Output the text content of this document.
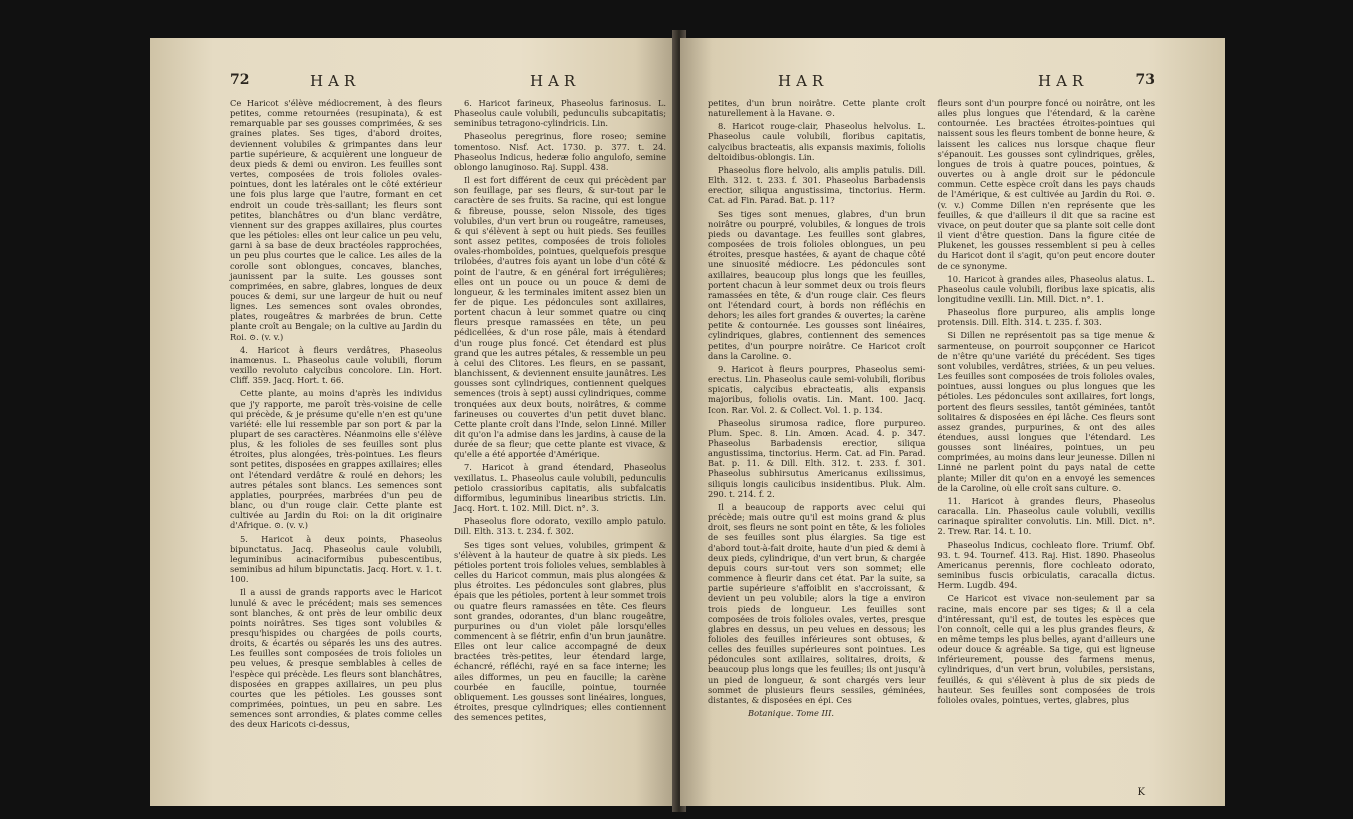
72	HAR	HAR

Ce Haricot s'élève médiocrement, à des fleurs petites, comme retournées (resupinata), & est remarquable par ses gousses comprimées, & ses graines plates. Ses tiges, d'abord droites, deviennent volubiles & grimpantes dans leur partie supérieure, & acquièrent une longueur de deux pieds & demi ou environ. Les feuilles sont vertes, composées de trois folioles ovales-pointues, dont les latérales ont le côté extérieur une fois plus large que l'autre, formant en cet endroit un coude très-saillant; les fleurs sont petites, blanchâtres ou d'un blanc verdâtre, viennent sur des grappes axillaires, plus courtes que les pétioles: elles ont leur calice un peu velu, garni à sa base de deux bractéoles rapprochées, un peu plus courtes que le calice. Les ailes de la corolle sont oblongues, concaves, blanches, jaunissent par la suite. Les gousses sont comprimées, en sabre, glabres, longues de deux pouces & demi, sur une largeur de huit ou neuf lignes. Les semences sont ovales obrondes, plates, rougeâtres & marbrées de brun. Cette plante croît au Bengale; on la cultive au Jardin du Roi. ⊙. (v. v.)

4. Haricot à fleurs verdâtres, Phaseolus inamœnus. L. Phaseolus caule volubili, florum vexillo revoluto calycibus concolore. Lin. Hort. Cliff. 359. Jacq. Hort. t. 66.

Cette plante, au moins d'après les individus que j'y rapporte, me paroît très-voisine de celle qui précède, & je présume qu'elle n'en est qu'une variété: elle lui ressemble par son port & par la plupart de ses caractères. Néanmoins elle s'élève plus, & les folioles de ses feuilles sont plus étroites, plus alongées, très-pointues. Les fleurs sont petites, disposées en grappes axillaires; elles ont l'étendard verdâtre & roulé en dehors; les autres pétales sont blancs. Les semences sont applaties, pourprées, marbrées d'un peu de blanc, ou d'un rouge clair. Cette plante est cultivée au Jardin du Roi: on la dit originaire d'Afrique. ⊙. (v. v.)

5. Haricot à deux points, Phaseolus bipunctatus. Jacq. Phaseolus caule volubili, leguminibus acinaciformibus pubescentibus, seminibus ad hilum bipunctatis. Jacq. Hort. v. 1. t. 100.

Il a aussi de grands rapports avec le Haricot lunulé & avec le précédent; mais ses semences sont blanches, & ont près de leur ombilic deux points noirâtres. Ses tiges sont volubiles & presqu'hispides ou chargées de poils courts, droits, & écartés ou séparés les uns des autres. Les feuilles sont composées de trois folioles un peu velues, & presque semblables à celles de l'espèce qui précède. Les fleurs sont blanchâtres, disposées en grappes axillaires, un peu plus courtes que les pétioles. Les gousses sont comprimées, pointues, un peu en sabre. Les semences sont arrondies, & plates comme celles des deux Haricots ci-dessus,

6. Haricot farineux, Phaseolus farinosus. L. Phaseolus caule volubili, pedunculis subcapitatis; seminibus tetragono-cylindricis. Lin.

Phaseolus peregrinus, flore roseo; semine tomentoso. Nisf. Act. 1730. p. 377. t. 24. Phaseolus Indicus, hederæ folio angulofo, semine oblongo lanuginoso. Raj. Suppl. 438.

Il est fort différent de ceux qui précèdent par son feuillage, par ses fleurs, & sur-tout par le caractère de ses fruits. Sa racine, qui est longue & fibreuse, pousse, selon Nissole, des tiges volubiles, d'un vert brun ou rougeâtre, rameuses, & qui s'élèvent à sept ou huit pieds. Ses feuilles sont assez petites, composées de trois folioles ovales-rhomboïdes, pointues, quelquefois presque trilobées, d'autres fois ayant un lobe d'un côté & point de l'autre, & en général fort irrégulières; elles ont un pouce ou un pouce & demi de longueur, & les terminales imitent assez bien un fer de pique. Les pédoncules sont axillaires, portent chacun à leur sommet quatre ou cinq fleurs presque ramassées en tête, un peu pédicellées, & d'un rose pâle, mais à étendard d'un rouge plus foncé. Cet étendard est plus grand que les autres pétales, & ressemble un peu à celui des Clitores. Les fleurs, en se passant, blanchissent, & deviennent ensuite jaunâtres. Les gousses sont cylindriques, contiennent quelques semences (trois à sept) aussi cylindriques, comme tronquées aux deux bouts, noirâtres, & comme farineuses ou couvertes d'un petit duvet blanc. Cette plante croît dans l'Inde, selon Linné. Miller dit qu'on l'a admise dans les jardins, à cause de la durée de sa fleur; que cette plante est vivace, & qu'elle a été apportée d'Amérique.

7. Haricot à grand étendard, Phaseolus vexillatus. L. Phaseolus caule volubili, pedunculis petiolo crassioribus capitatis, alis subfalcatis difformibus, leguminibus linearibus strictis. Lin. Jacq. Hort. t. 102. Mill. Dict. n°. 3.

Phaseolus flore odorato, vexillo amplo patulo. Dill. Elth. 313. t. 234. f. 302.

Ses tiges sont velues, volubiles, grimpent & s'élèvent à la hauteur de quatre à six pieds. Les pétioles portent trois folioles velues, semblables à celles du Haricot commun, mais plus alongées & plus étroites. Les pédoncules sont glabres, plus épais que les pétioles, portent à leur sommet trois ou quatre fleurs ramassées en tête. Ces fleurs sont grandes, odorantes, d'un blanc rougeâtre, purpurines ou d'un violet pâle lorsqu'elles commencent à se flétrir, enfin d'un brun jaunâtre. Elles ont leur calice accompagné de deux bractées très-petites, leur étendard large, échancré, réfléchi, rayé en sa face interne; les ailes difformes, un peu en faucille; la carène courbée en faucille, pointue, tournée obliquement. Les gousses sont linéaires, longues, étroites, presque cylindriques; elles contiennent des semences petites,

HAR	HAR	73

petites, d'un brun noirâtre. Cette plante croît naturellement à la Havane. ⊙.

8. Haricot rouge-clair, Phaseolus helvolus. L. Phaseolus caule volubili, floribus capitatis, calycibus bracteatis, alis expansis maximis, foliolis deltoidibus-oblongis. Lin.

Phaseolus flore helvolo, alis amplis patulis. Dill. Elth. 312. t. 233. f. 301. Phaseolus Barbadensis erectior, siliqua angustissima, tinctorius. Herm. Cat. ad Fin. Parad. Bat. p. 11?

Ses tiges sont menues, glabres, d'un brun noirâtre ou pourpré, volubiles, & longues de trois pieds ou davantage. Les feuilles sont glabres, composées de trois folioles oblongues, un peu étroites, presque hastées, & ayant de chaque côté une sinuosité médiocre. Les pédoncules sont axillaires, beaucoup plus longs que les feuilles, portent chacun à leur sommet deux ou trois fleurs ramassées en tête, & d'un rouge clair. Ces fleurs ont l'étendard court, à bords non réfléchis en dehors; les ailes fort grandes & ouvertes; la carène petite & contournée. Les gousses sont linéaires, cylindriques, glabres, contiennent des semences petites, d'un pourpre noirâtre. Ce Haricot croît dans la Caroline. ⊙.

9. Haricot à fleurs pourpres, Phaseolus semi-erectus. Lin. Phaseolus caule semi-volubili, floribus spicatis, calycibus ebracteatis, alis expansis majoribus, foliolis ovatis. Lin. Mant. 100. Jacq. Icon. Rar. Vol. 2. & Collect. Vol. 1. p. 134.

Phaseolus sirumosa radice, flore purpureo. Plum. Spec. 8. Lin. Amœn. Acad. 4. p. 347. Phaseolus Barbadensis erectior, siliqua angustissima, tinctorius. Herm. Cat. ad Fin. Parad. Bat. p. 11. & Dill. Elth. 312. t. 233. f. 301. Phaseolus subhirsutus Americanus exilissimus, siliquis longis caulicibus insidentibus. Pluk. Alm. 290. t. 214. f. 2.

Il a beaucoup de rapports avec celui qui précède; mais outre qu'il est moins grand & plus droit, ses fleurs ne sont point en tête, & les folioles de ses feuilles sont plus élargies. Sa tige est d'abord tout-à-fait droite, haute d'un pied & demi à deux pieds, cylindrique, d'un vert brun, & chargée depuis cours sur-tout vers son sommet; elle commence à fleurir dans cet état. Par la suite, sa partie supérieure s'affoiblit en s'accroissant, & devient un peu volubile; alors la tige a environ trois pieds de longueur. Les feuilles sont composées de trois folioles ovales, vertes, presque glabres en dessus, un peu velues en dessous; les folioles des feuilles inférieures sont obtuses, & celles des feuilles supérieures sont pointues. Les pédoncules sont axillaires, solitaires, droits, & beaucoup plus longs que les feuilles; ils ont jusqu'à un pied de longueur, & sont chargés vers leur sommet de plusieurs fleurs sessiles, géminées, distantes, & disposées en épi. Ces

Botanique. Tome III.

fleurs sont d'un pourpre foncé ou noirâtre, ont les ailes plus longues que l'étendard, & la carène contournée. Les bractées étroites-pointues qui naissent sous les fleurs tombent de bonne heure, & laissent les calices nus lorsque chaque fleur s'épanouit. Les gousses sont cylindriques, grêles, longues de trois à quatre pouces, pointues, & ouvertes ou à angle droit sur le pédoncule commun. Cette espèce croît dans les pays chauds de l'Amérique, & est cultivée au Jardin du Roi. ⊙. (v. v.) Comme Dillen n'en représente que les feuilles, & que d'ailleurs il dit que sa racine est vivace, on peut douter que sa plante soit celle dont il vient d'être question. Dans la figure citée de Plukenet, les gousses ressemblent si peu à celles du Haricot dont il s'agit, qu'on peut encore douter de ce synonyme.

10. Haricot à grandes ailes, Phaseolus alatus. L. Phaseolus caule volubili, floribus laxe spicatis, alis longitudine vexilli. Lin. Mill. Dict. n°. 1.

Phaseolus flore purpureo, alis amplis longe protensis. Dill. Elth. 314. t. 235. f. 303.

Si Dillen ne représentoit pas sa tige menue & sarmenteuse, on pourroit soupçonner ce Haricot de n'être qu'une variété du précédent. Ses tiges sont volubiles, verdâtres, striées, & un peu velues. Les feuilles sont composées de trois folioles ovales, pointues, aussi longues ou plus longues que les pétioles. Les pédoncules sont axillaires, fort longs, portent des fleurs sessiles, tantôt géminées, tantôt solitaires & disposées en épi lâche. Ces fleurs sont assez grandes, purpurines, & ont des ailes étendues, aussi longues que l'étendard. Les gousses sont linéaires, pointues, un peu comprimées, au moins dans leur jeunesse. Dillen ni Linné ne parlent point du pays natal de cette plante; Miller dit qu'on en a envoyé les semences de la Caroline, où elle croît sans culture. ⊙.

11. Haricot à grandes fleurs, Phaseolus caracalla. Lin. Phaseolus caule volubili, vexillis carinaque spiraliter convolutis. Lin. Mill. Dict. n°. 2. Trew. Rar. 14. t. 10.

Phaseolus Indicus, cochleato flore. Triumf. Obf. 93. t. 94. Tournef. 413. Raj. Hist. 1890. Phaseolus Americanus perennis, flore cochleato odorato, seminibus fuscis orbiculatis, caracalla dictus. Herm. Lugdb. 494.

Ce Haricot est vivace non-seulement par sa racine, mais encore par ses tiges; & il a cela d'intéressant, qu'il est, de toutes les espèces que l'on connoît, celle qui a les plus grandes fleurs, & en même temps les plus belles, ayant d'ailleurs une odeur douce & agréable. Sa tige, qui est ligneuse inférieurement, pousse des farmens menus, cylindriques, d'un vert brun, volubiles, persistans, feuillés, & qui s'élèvent à plus de six pieds de hauteur. Ses feuilles sont composées de trois folioles ovales, pointues, vertes, glabres, plus

K
